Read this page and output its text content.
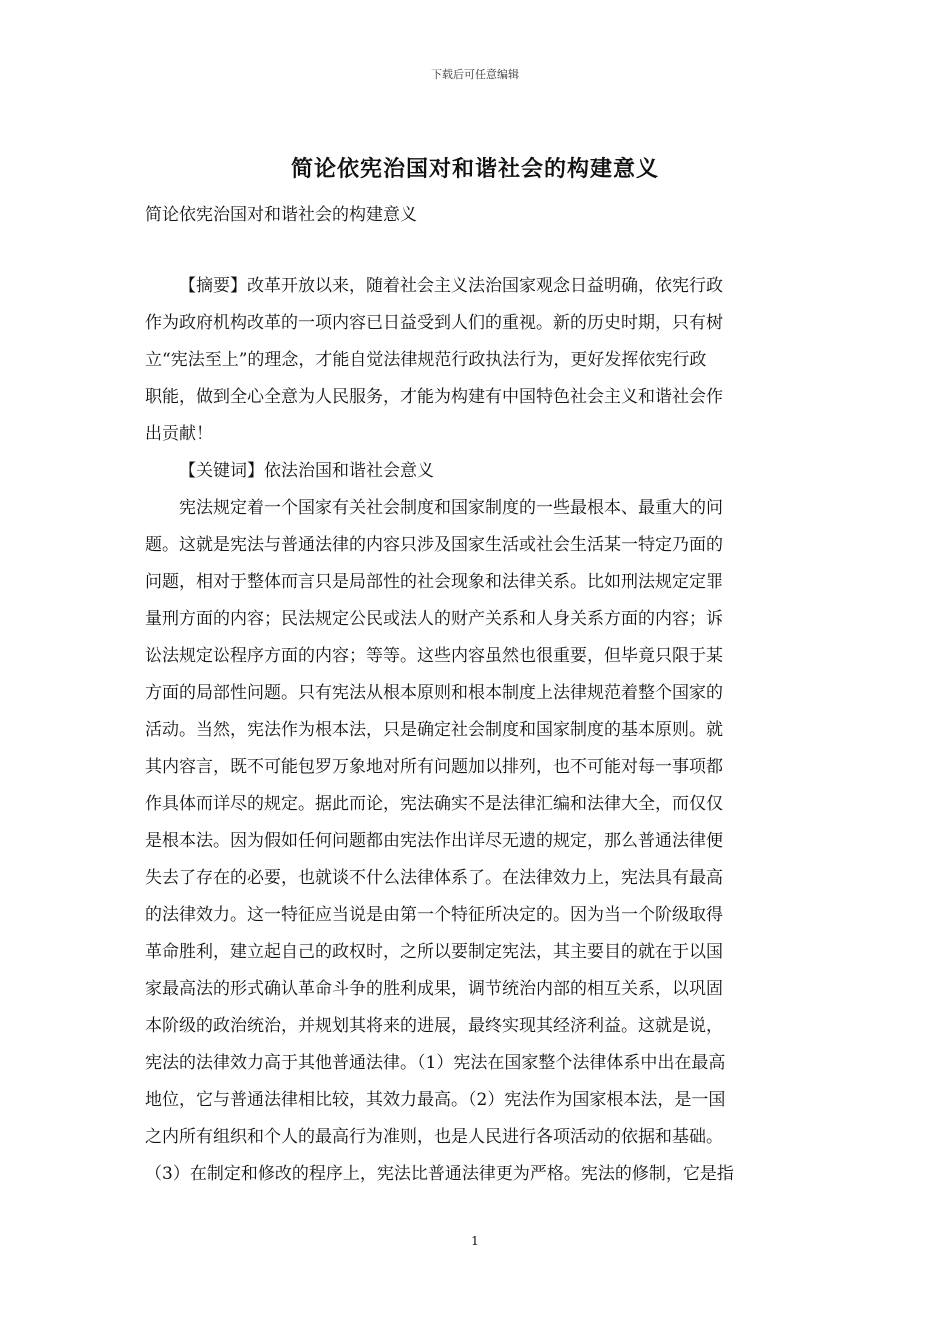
下载后可任意编辑
简论依宪治国对和谐社会的构建意义
简论依宪治国对和谐社会的构建意义

【摘要】改革开放以来，随着社会主义法治国家观念日益明确，依宪行政
作为政府机构改革的一项内容已日益受到人们的重视。新的历史时期，只有树
立“宪法至上”的理念，才能自觉法律规范行政执法行为，更好发挥依宪行政
职能，做到全心全意为人民服务，才能为构建有中国特色社会主义和谐社会作
出贡献！

【关键词】依法治国和谐社会意义

宪法规定着一个国家有关社会制度和国家制度的一些最根本、最重大的问
题。这就是宪法与普通法律的内容只涉及国家生活或社会生活某一特定乃面的
问题，相对于整体而言只是局部性的社会现象和法律关系。比如刑法规定定罪
量刑方面的内容；民法规定公民或法人的财产关系和人身关系方面的内容；诉
讼法规定讼程序方面的内容；等等。这些内容虽然也很重要，但毕竟只限于某
方面的局部性问题。只有宪法从根本原则和根本制度上法律规范着整个国家的
活动。当然，宪法作为根本法，只是确定社会制度和国家制度的基本原则。就
其内容言，既不可能包罗万象地对所有问题加以排列，也不可能对每一事项都
作具体而详尽的规定。据此而论，宪法确实不是法律汇编和法律大全，而仅仅
是根本法。因为假如任何问题都由宪法作出详尽无遗的规定，那么普通法律便
失去了存在的必要，也就谈不什么法律体系了。在法律效力上，宪法具有最高
的法律效力。这一特征应当说是由第一个特征所决定的。因为当一个阶级取得
革命胜利，建立起自己的政权时，之所以要制定宪法，其主要目的就在于以国
家最高法的形式确认革命斗争的胜利成果，调节统治内部的相互关系，以巩固
本阶级的政治统治，并规划其将来的进展，最终实现其经济利益。这就是说，
宪法的法律效力高于其他普通法律。（1）宪法在国家整个法律体系中出在最高
地位，它与普通法律相比较，其效力最高。（2）宪法作为国家根本法，是一国
之内所有组织和个人的最高行为准则，也是人民进行各项活动的依据和基础。
（3）在制定和修改的程序上，宪法比普通法律更为严格。宪法的修制，它是指

1
